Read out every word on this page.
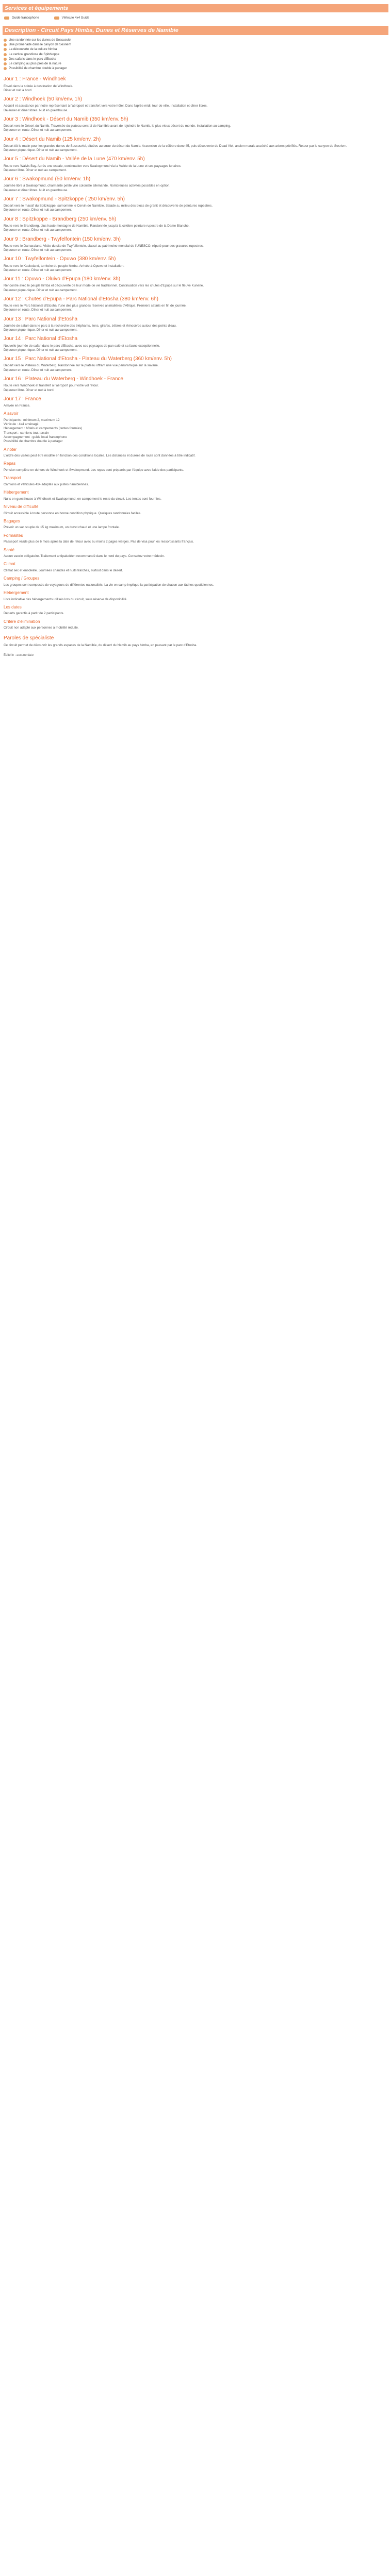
Services et équipements
Guide francophone	Véhicule 4x4 Guide
Description - Circuit Pays Himba, Dunes et Réserves de Namibie
Une randonnée sur les dunes de Sossusvlei
Une promenade dans le canyon de Sesriem
La découverte de la culture himba
Le vertical grandiose de Spitzkoppe
Des safaris dans le parc d'Etosha
Le camping au plus près de la nature
Possibilité de chambre double à partager
Jour 1 : France - Windhoek

Envol dans la soirée à destination de Windhoek.
Dîner et nuit à bord.

Jour 2 : Windhoek (50 km/env. 1h)

Accueil et assistance par notre représentant à l'aéroport et transfert vers votre hôtel. Dans l'après-midi, tour de ville. Installation et dîner libres.
Déjeuner et dîner libres. Nuit en guesthouse.

Jour 3 : Windhoek - Désert du Namib (350 km/env. 5h)

Départ vers le Désert du Namib. Traversée du plateau central de Namibie avant de rejoindre le Namib, le plus vieux désert du monde. Installation au camping.
Déjeuner en route. Dîner et nuit au campement.

Jour 4 : Désert du Namib (125 km/env. 2h)

Départ tôt le matin pour les grandes dunes de Sossusvlei, situées au cœur du désert du Namib. Ascension de la célèbre dune 45, puis découverte de Dead Vlei, ancien marais asséché aux arbres pétrifiés. Retour par le canyon de Sesriem.
Déjeuner pique-nique. Dîner et nuit au campement.

Jour 5 : Désert du Namib - Vallée de la Lune (470 km/env. 5h)

Route vers Walvis Bay. Après une escale, continuation vers Swakopmund via la Vallée de la Lune et ses paysages lunaires.
Déjeuner libre. Dîner et nuit au campement.

Jour 6 : Swakopmund (50 km/env. 1h)

Journée libre à Swakopmund, charmante petite ville coloniale allemande. Nombreuses activités possibles en option.
Déjeuner et dîner libres. Nuit en guesthouse.

Jour 7 : Swakopmund - Spitzkoppe ( 250 km/env. 5h)

Départ vers le massif du Spitzkoppe, surnommé le Cervin de Namibie. Balade au milieu des blocs de granit et découverte de peintures rupestres.
Déjeuner en route. Dîner et nuit au campement.

Jour 8 : Spitzkoppe - Brandberg (250 km/env. 5h)

Route vers le Brandberg, plus haute montagne de Namibie. Randonnée jusqu'à la célèbre peinture rupestre de la Dame Blanche.
Déjeuner en route. Dîner et nuit au campement.

Jour 9 : Brandberg - Twyfelfontein (150 km/env. 3h)

Route vers le Damaraland. Visite du site de Twyfelfontein, classé au patrimoine mondial de l'UNESCO, réputé pour ses gravures rupestres.
Déjeuner en route. Dîner et nuit au campement.

Jour 10 : Twyfelfontein - Opuwo (380 km/env. 5h)

Route vers le Kaokoland, territoire du peuple himba. Arrivée à Opuwo et installation.
Déjeuner en route. Dîner et nuit au campement.

Jour 11 : Opuwo - Oluivo d'Epupa (180 km/env. 3h)

Rencontre avec le peuple himba et découverte de leur mode de vie traditionnel. Continuation vers les chutes d'Epupa sur le fleuve Kunene.
Déjeuner pique-nique. Dîner et nuit au campement.

Jour 12 : Chutes d'Epupa - Parc National d'Etosha (380 km/env. 6h)

Route vers le Parc National d'Etosha, l'une des plus grandes réserves animalières d'Afrique. Premiers safaris en fin de journée.
Déjeuner en route. Dîner et nuit au campement.

Jour 13 : Parc National d'Etosha

Journée de safari dans le parc à la recherche des éléphants, lions, girafes, zèbres et rhinocéros autour des points d'eau.
Déjeuner pique-nique. Dîner et nuit au campement.

Jour 14 : Parc National d'Etosha

Nouvelle journée de safari dans le parc d'Etosha, avec ses paysages de pan salé et sa faune exceptionnelle.
Déjeuner pique-nique. Dîner et nuit au campement.

Jour 15 : Parc National d'Etosha - Plateau du Waterberg (360 km/env. 5h)

Départ vers le Plateau du Waterberg. Randonnée sur le plateau offrant une vue panoramique sur la savane.
Déjeuner en route. Dîner et nuit au campement.

Jour 16 : Plateau du Waterberg - Windhoek - France

Route vers Windhoek et transfert à l'aéroport pour votre vol retour.
Déjeuner libre. Dîner et nuit à bord.

Jour 17 : France

Arrivée en France.

A savoir

Participants : minimum 2, maximum 12
Véhicule : 4x4 aménagé
Hébergement : hôtels et campements (tentes fournies)
Transport : camions tout-terrain
Accompagnement : guide local francophone
Possibilité de chambre double à partager

A noter

L'ordre des visites peut être modifié en fonction des conditions locales. Les distances et durées de route sont données à titre indicatif.

Repas

Pension complète en dehors de Windhoek et Swakopmund. Les repas sont préparés par l'équipe avec l'aide des participants.

Transport

Camions et véhicules 4x4 adaptés aux pistes namibiennes.

Hébergement

Nuits en guesthouse à Windhoek et Swakopmund, en campement le reste du circuit. Les tentes sont fournies.

Niveau de difficulté

Circuit accessible à toute personne en bonne condition physique. Quelques randonnées faciles.

Bagages

Prévoir un sac souple de 15 kg maximum, un duvet chaud et une lampe frontale.

Formalités

Passeport valide plus de 6 mois après la date de retour avec au moins 2 pages vierges. Pas de visa pour les ressortissants français.

Santé

Aucun vaccin obligatoire. Traitement antipaludéen recommandé dans le nord du pays. Consultez votre médecin.

Climat

Climat sec et ensoleillé. Journées chaudes et nuits fraîches, surtout dans le désert.

Camping / Groupes

Les groupes sont composés de voyageurs de différentes nationalités. La vie en camp implique la participation de chacun aux tâches quotidiennes.

Hébergement

Liste indicative des hébergements utilisés lors du circuit, sous réserve de disponibilité.

Les dates

Départs garantis à partir de 2 participants.

Critère d'élimination

Circuit non adapté aux personnes à mobilité réduite.

Paroles de spécialiste

Ce circuit permet de découvrir les grands espaces de la Namibie, du désert du Namib au pays himba, en passant par le parc d'Etosha.

Édité le : aucune date
